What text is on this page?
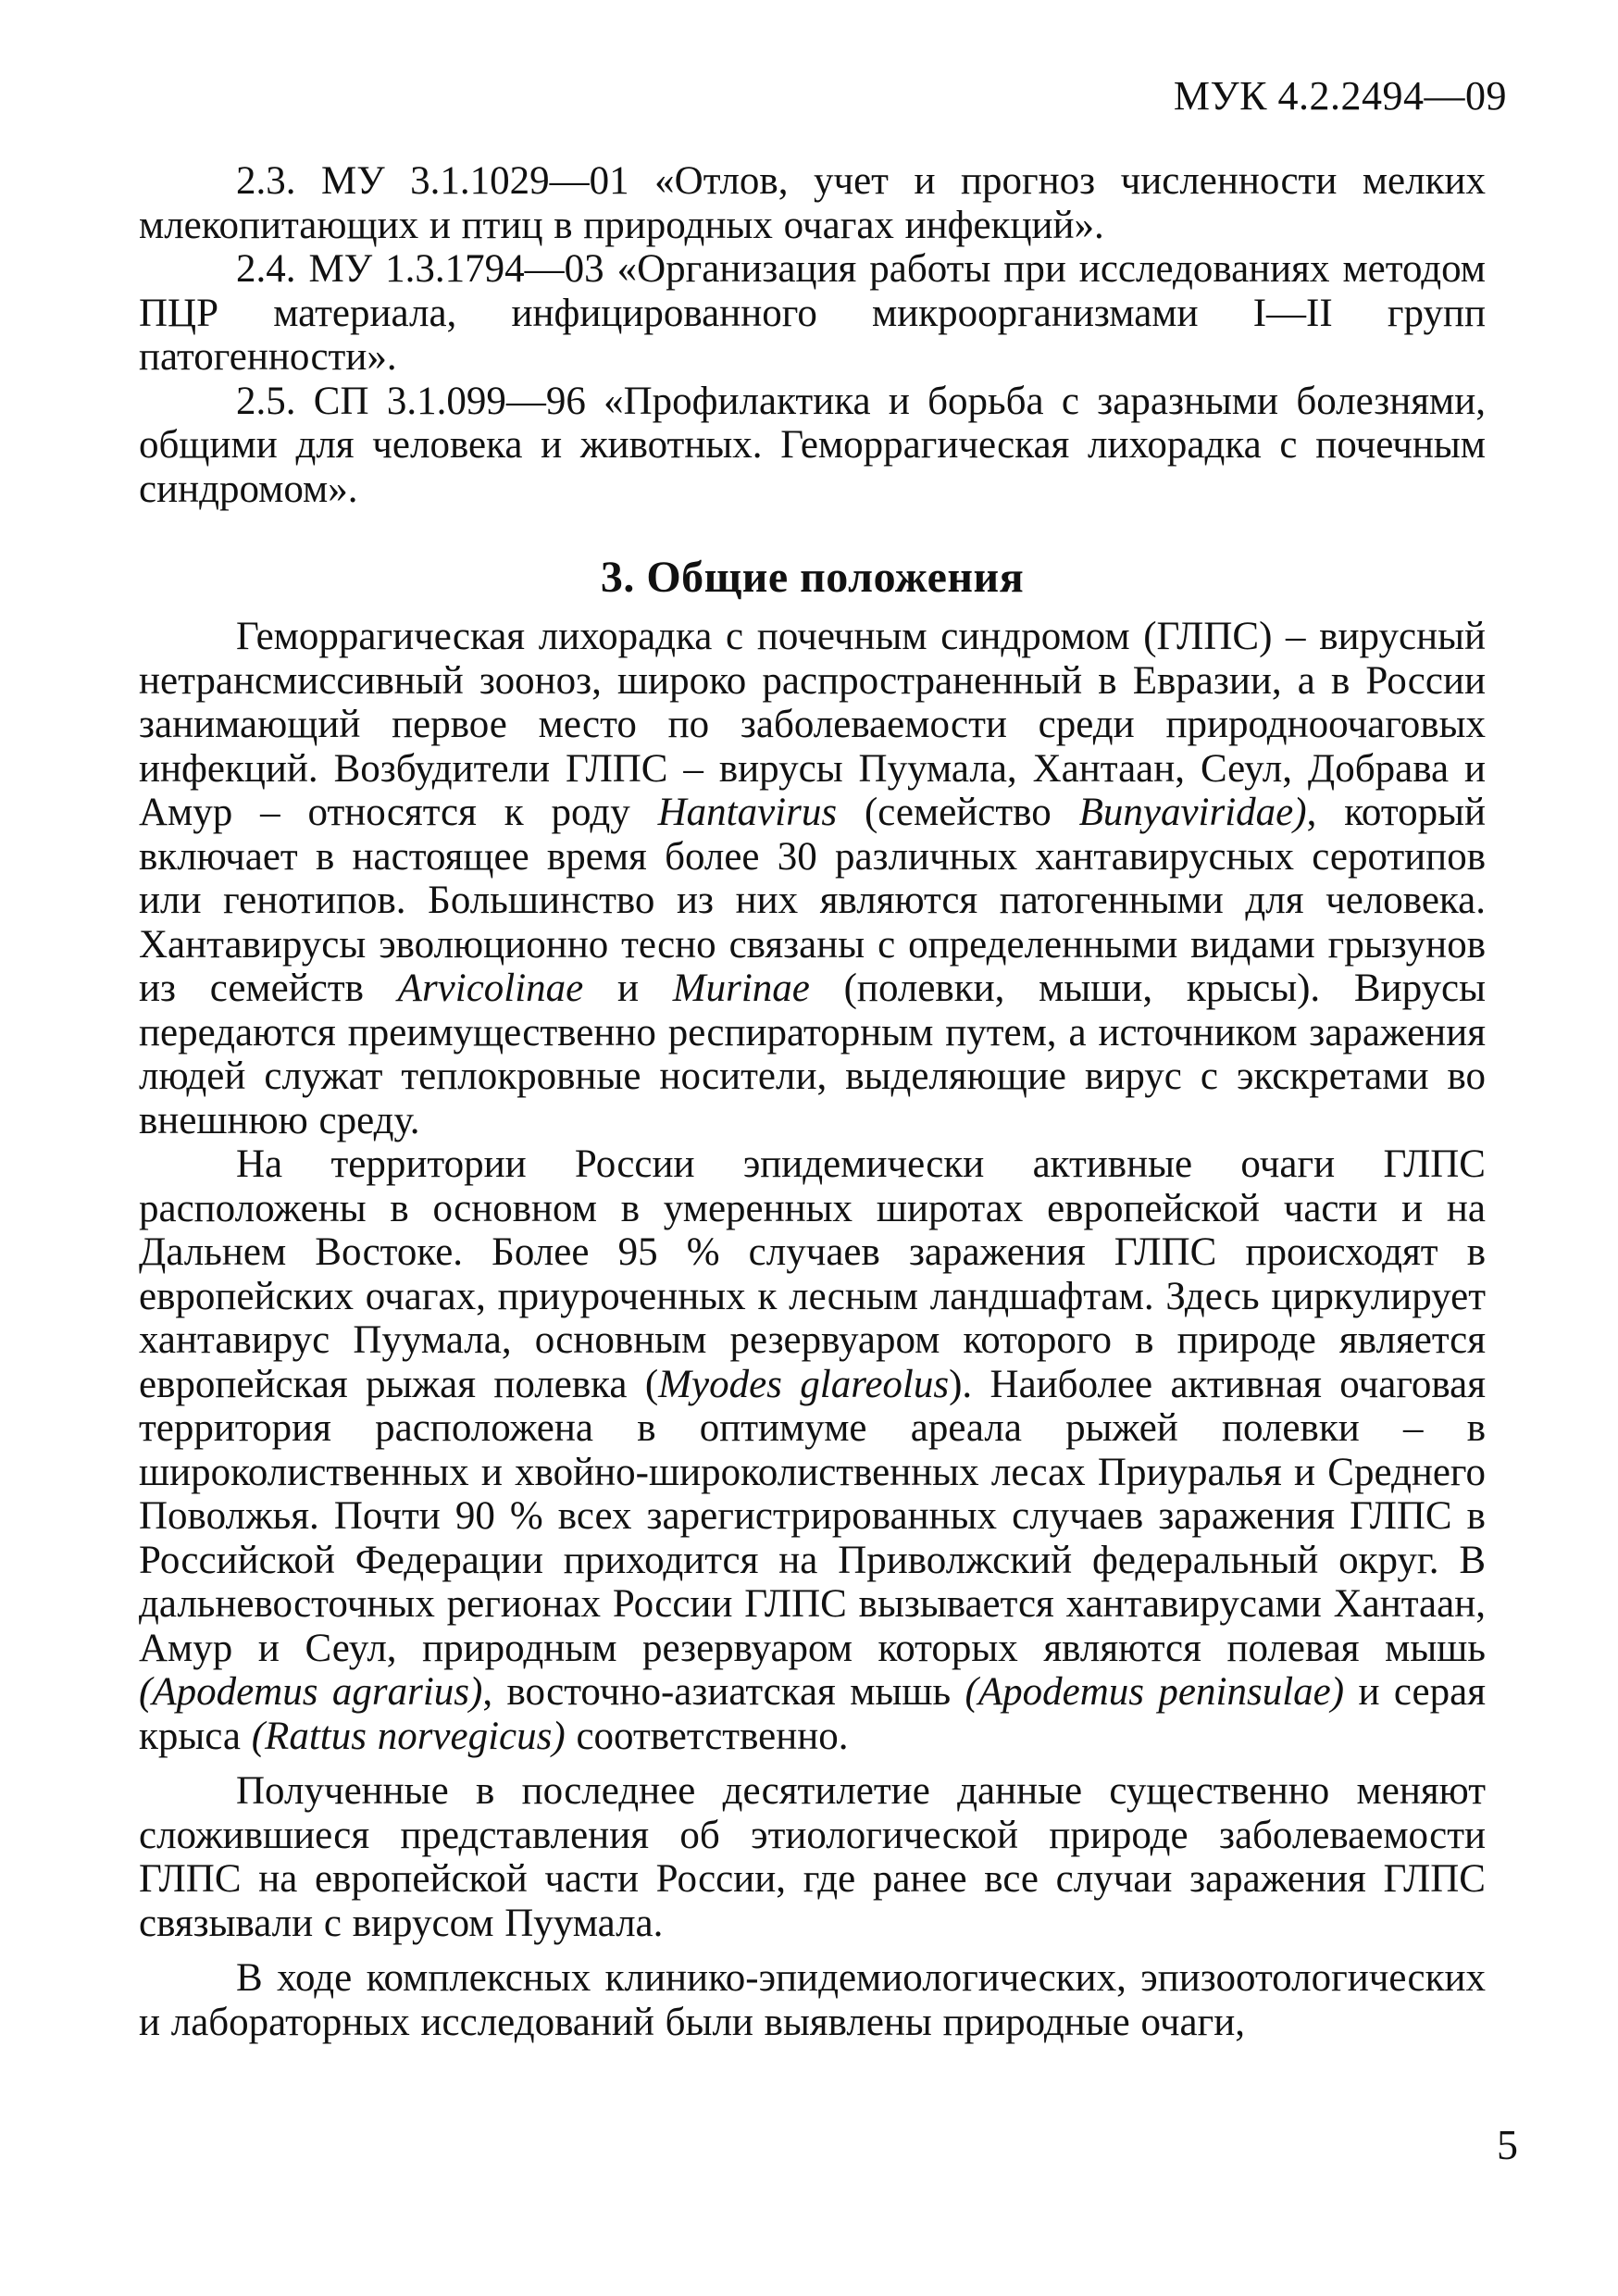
МУК 4.2.2494—09

2.3. МУ 3.1.1029—01 «Отлов, учет и прогноз численности мелких млекопитающих и птиц в природных очагах инфекций».

2.4. МУ 1.3.1794—03 «Организация работы при исследованиях методом ПЦР материала, инфицированного микроорганизмами I—II групп патогенности».

2.5. СП 3.1.099—96 «Профилактика и борьба с заразными болезнями, общими для человека и животных. Геморрагическая лихорадка с почечным синдромом».

3. Общие положения

Геморрагическая лихорадка с почечным синдромом (ГЛПС) – вирусный нетрансмиссивный зооноз, широко распространенный в Евразии, а в России занимающий первое место по заболеваемости среди природноочаговых инфекций. Возбудители ГЛПС – вирусы Пуумала, Хантаан, Сеул, Добрава и Амур – относятся к роду Hantavirus (семейство Bunyaviridae), который включает в настоящее время более 30 различных хантавирусных серотипов или генотипов. Большинство из них являются патогенными для человека. Хантавирусы эволюционно тесно связаны с определенными видами грызунов из семейств Arvicolinae и Murinae (полевки, мыши, крысы). Вирусы передаются преимущественно респираторным путем, а источником заражения людей служат теплокровные носители, выделяющие вирус с экскретами во внешнюю среду.

На территории России эпидемически активные очаги ГЛПС расположены в основном в умеренных широтах европейской части и на Дальнем Востоке. Более 95 % случаев заражения ГЛПС происходят в европейских очагах, приуроченных к лесным ландшафтам. Здесь циркулирует хантавирус Пуумала, основным резервуаром которого в природе является европейская рыжая полевка (Myodes glareolus). Наиболее активная очаговая территория расположена в оптимуме ареала рыжей полевки – в широколиственных и хвойно-широколиственных лесах Приуралья и Среднего Поволжья. Почти 90 % всех зарегистрированных случаев заражения ГЛПС в Российской Федерации приходится на Приволжский федеральный округ. В дальневосточных регионах России ГЛПС вызывается хантавирусами Хантаан, Амур и Сеул, природным резервуаром которых являются полевая мышь (Apodemus agrarius), восточно-азиатская мышь (Apodemus peninsulae) и серая крыса (Rattus norvegicus) соответственно.

Полученные в последнее десятилетие данные существенно меняют сложившиеся представления об этиологической природе заболеваемости ГЛПС на европейской части России, где ранее все случаи заражения ГЛПС связывали с вирусом Пуумала.

В ходе комплексных клинико-эпидемиологических, эпизоотологических и лабораторных исследований были выявлены природные очаги,

5
